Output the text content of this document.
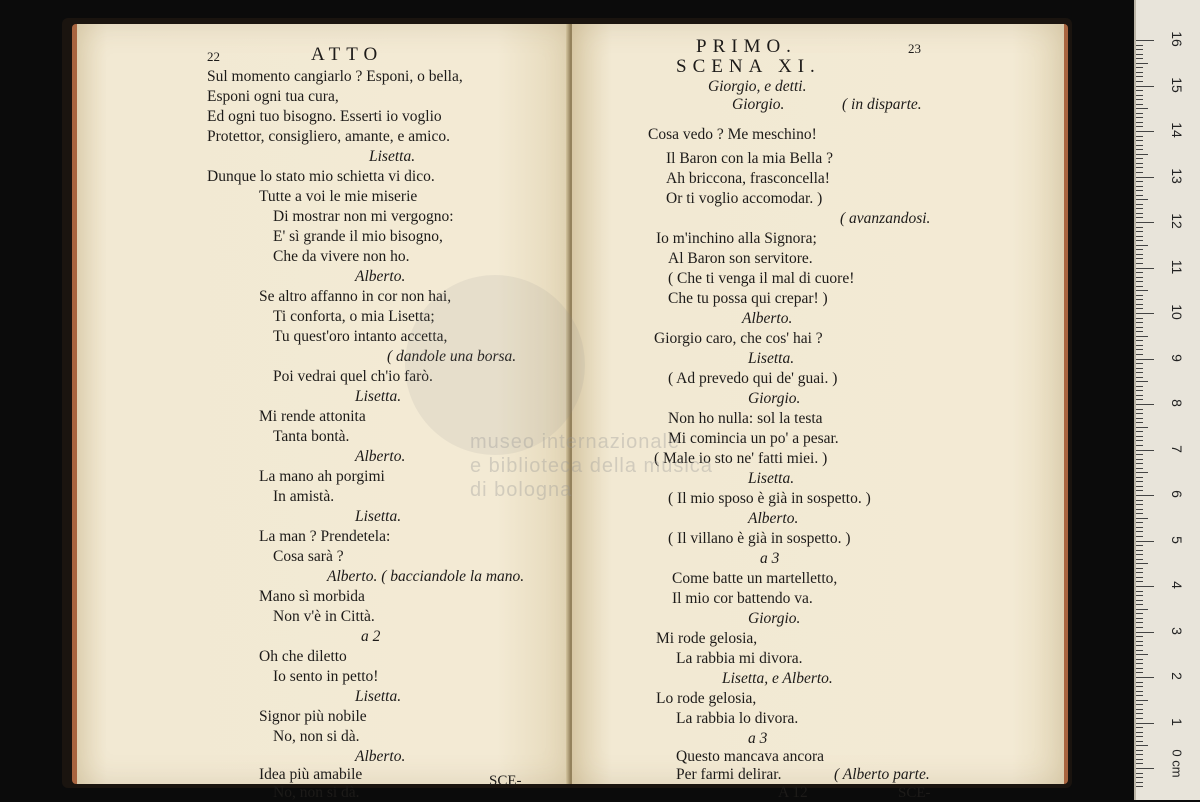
22	ATTO
Sul momento cangiarlo ? Esponi, o bella,
Esponi ogni tua cura,
Ed ogni tuo bisogno. Esserti io voglio
Protettor, consigliero, amante, e amico.
Lisetta.
Dunque lo stato mio schietta vi dico.
Tutte a voi le mie miserie
Di mostrar non mi vergogno:
E' sì grande il mio bisogno,
Che da vivere non ho.
Alberto.
Se altro affanno in cor non hai,
Ti conforta, o mia Lisetta;
Tu quest'oro intanto accetta,
( dandole una borsa.
Poi vedrai quel ch'io farò.
Lisetta.
Mi rende attonita
Tanta bontà.
Alberto.
La mano ah porgimi
In amistà.
Lisetta.
La man ? Prendetela:
Cosa sarà ?
Alberto. ( bacciandole la mano.
Mano sì morbida
Non v'è in Città.
a 2
Oh che diletto
Io sento in petto!
Lisetta.
Signor più nobile
No, non si dà.
Alberto.
Idea più amabile
No, non si dà.
SCE-
PRIMO.	23
SCENA XI.
Giorgio, e detti.
Giorgio.	( in disparte.
Cosa vedo ? Me meschino!
Il Baron con la mia Bella ?
Ah briccona, frasconcella!
Or ti voglio accomodar. )
( avanzandosi.
Io m'inchino alla Signora;
Al Baron son servitore.
( Che ti venga il mal di cuore!
Che tu possa qui crepar! )
Alberto.
Giorgio caro, che cos' hai ?
Lisetta.
( Ad prevedo qui de' guai. )
Giorgio.
Non ho nulla: sol la testa
Mi comincia un po' a pesar.
( Male io sto ne' fatti miei. )
Lisetta.
( Il mio sposo è già in sospetto. )
Alberto.
( Il villano è già in sospetto. )
a 3
Come batte un martelletto,
Il mio cor battendo va.
Giorgio.
Mi rode gelosia,
La rabbia mi divora.
Lisetta, e Alberto.
Lo rode gelosia,
La rabbia lo divora.
a 3
Questo mancava ancora
Per farmi delirar.	( Alberto parte.
A 12	SCE-
museo internazionale
e biblioteca della musica
di bologna
0 cm
16
15
14
13
12
11
10
9
8
7
6
5
4
3
2
1
